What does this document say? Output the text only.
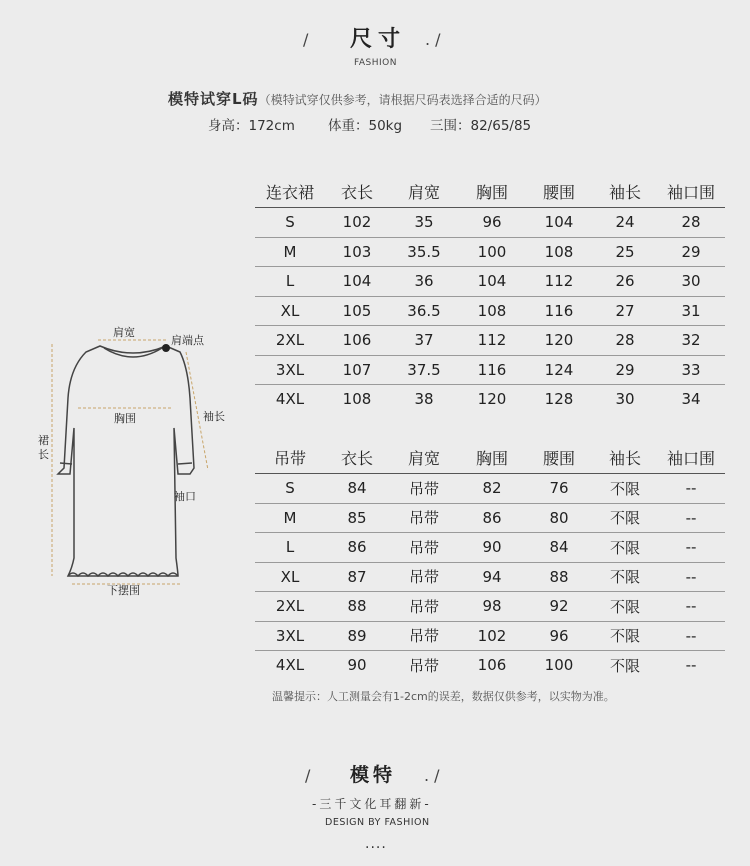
/ 尺寸 . /
FASHION
模特试穿L码（模特试穿仅供参考，请根据尺码表选择合适的尺码）
身高：172cm 体重：50kg 三围：82/65/85
肩宽
肩端点
袖长
胸围
裙
长
袖口
下摆围
连衣裙	衣长	肩宽	胸围	腰围	袖长	袖口围
S	102	35	96	104	24	28
M	103	35.5	100	108	25	29
L	104	36	104	112	26	30
XL	105	36.5	108	116	27	31
2XL	106	37	112	120	28	32
3XL	107	37.5	116	124	29	33
4XL	108	38	120	128	30	34
吊带	衣长	肩宽	胸围	腰围	袖长	袖口围
S	84	吊带	82	76	不限	--
M	85	吊带	86	80	不限	--
L	86	吊带	90	84	不限	--
XL	87	吊带	94	88	不限	--
2XL	88	吊带	98	92	不限	--
3XL	89	吊带	102	96	不限	--
4XL	90	吊带	106	100	不限	--
温馨提示：人工测量会有1-2cm的误差，数据仅供参考，以实物为准。
/ 模特 . /
-三千文化耳翻新-
DESIGN BY FASHION
....
